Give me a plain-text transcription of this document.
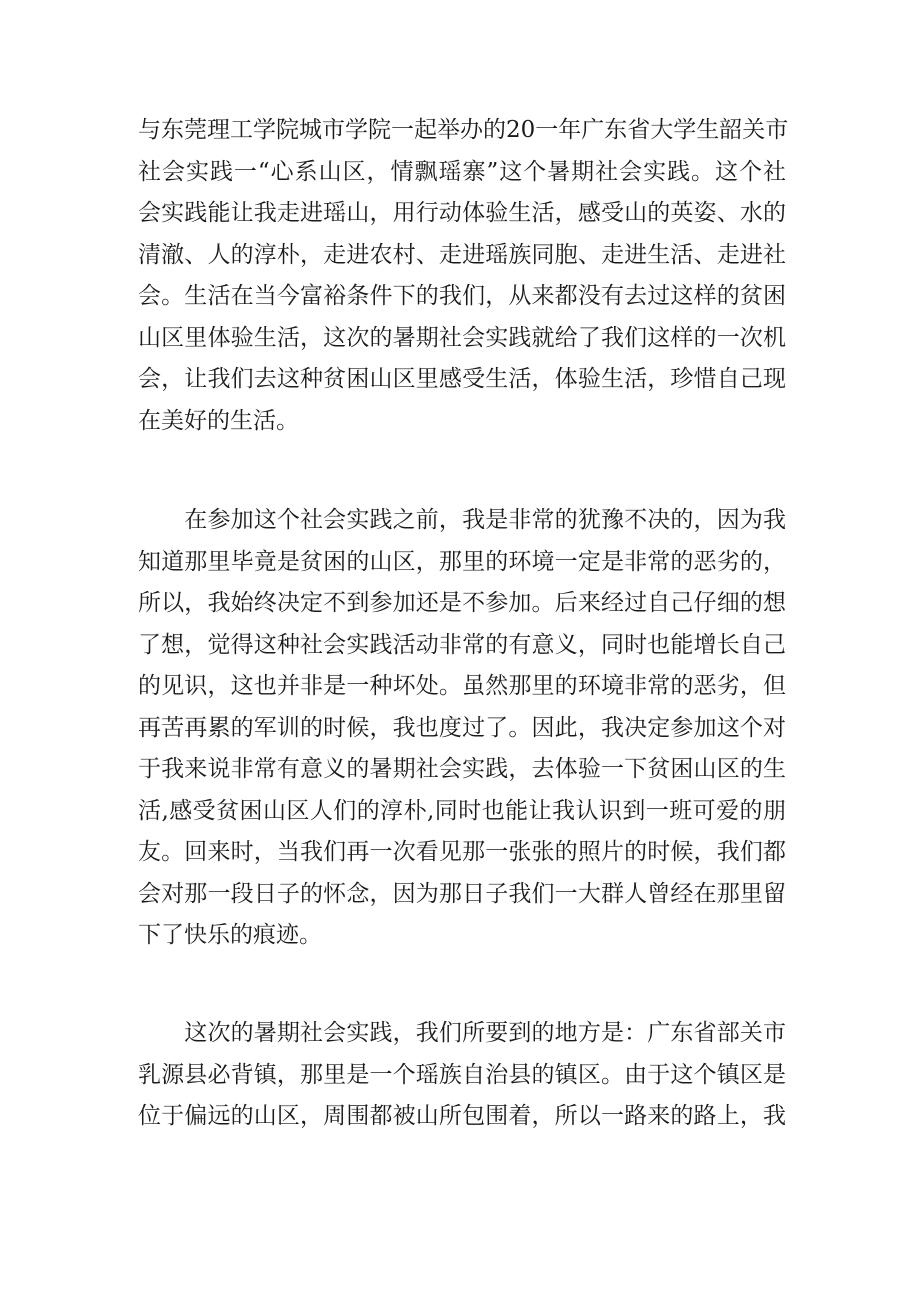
与东莞理工学院城市学院一起举办的20一年广东省大学生韶关市
社会实践一“心系山区，情飘瑶寨”这个暑期社会实践。这个社
会实践能让我走进瑶山，用行动体验生活，感受山的英姿、水的
清澈、人的淳朴，走进农村、走进瑶族同胞、走进生活、走进社
会。生活在当今富裕条件下的我们，从来都没有去过这样的贫困
山区里体验生活，这次的暑期社会实践就给了我们这样的一次机
会，让我们去这种贫困山区里感受生活，体验生活，珍惜自己现
在美好的生活。
　　在参加这个社会实践之前，我是非常的犹豫不决的，因为我
知道那里毕竟是贫困的山区，那里的环境一定是非常的恶劣的，
所以，我始终决定不到参加还是不参加。后来经过自己仔细的想
了想，觉得这种社会实践活动非常的有意义，同时也能增长自己
的见识，这也并非是一种坏处。虽然那里的环境非常的恶劣，但
再苦再累的军训的时候，我也度过了。因此，我决定参加这个对
于我来说非常有意义的暑期社会实践，去体验一下贫困山区的生
活,感受贫困山区人们的淳朴,同时也能让我认识到一班可爱的朋
友。回来时，当我们再一次看见那一张张的照片的时候，我们都
会对那一段日子的怀念，因为那日子我们一大群人曾经在那里留
下了快乐的痕迹。
　　这次的暑期社会实践，我们所要到的地方是：广东省部关市
乳源县必背镇，那里是一个瑶族自治县的镇区。由于这个镇区是
位于偏远的山区，周围都被山所包围着，所以一路来的路上，我
